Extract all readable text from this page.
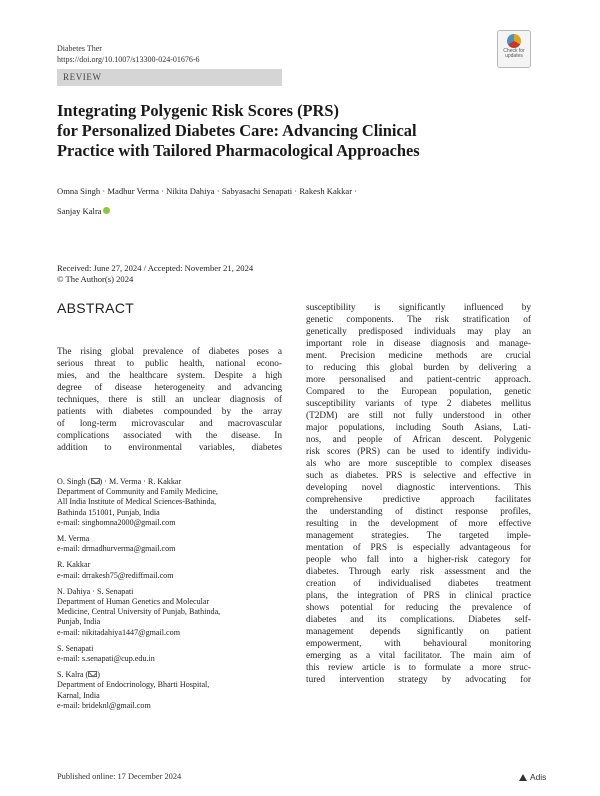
Diabetes Ther
https://doi.org/10.1007/s13300-024-01676-6
Check for
updates
REVIEW
Integrating Polygenic Risk Scores (PRS)
for Personalized Diabetes Care: Advancing Clinical
Practice with Tailored Pharmacological Approaches
Omna Singh · Madhur Verma · Nikita Dahiya · Sabyasachi Senapati · Rakesh Kakkar ·
Sanjay Kalra
Received: June 27, 2024 / Accepted: November 21, 2024
© The Author(s) 2024
ABSTRACT
The rising global prevalence of diabetes poses a
serious threat to public health, national econo-
mies, and the healthcare system. Despite a high
degree of disease heterogeneity and advancing
techniques, there is still an unclear diagnosis of
patients with diabetes compounded by the array
of long-term microvascular and macrovascular
complications associated with the disease. In
addition to environmental variables, diabetes
O. Singh ( ) · M. Verma · R. Kakkar
Department of Community and Family Medicine,
All India Institute of Medical Sciences-Bathinda,
Bathinda 151001, Punjab, India
e-mail: singhomna2000@gmail.com
M. Verma
e-mail: drmadhurverma@gmail.com
R. Kakkar
e-mail: drrakesh75@rediffmail.com
N. Dahiya · S. Senapati
Department of Human Genetics and Molecular
Medicine, Central University of Punjab, Bathinda,
Punjab, India
e-mail: nikitadahiya1447@gmail.com
S. Senapati
e-mail: s.senapati@cup.edu.in
S. Kalra ( )
Department of Endocrinology, Bharti Hospital,
Karnal, India
e-mail: brideknl@gmail.com
susceptibility is significantly influenced by
genetic components. The risk stratification of
genetically predisposed individuals may play an
important role in disease diagnosis and manage-
ment. Precision medicine methods are crucial
to reducing this global burden by delivering a
more personalised and patient-centric approach.
Compared to the European population, genetic
susceptibility variants of type 2 diabetes mellitus
(T2DM) are still not fully understood in other
major populations, including South Asians, Lati-
nos, and people of African descent. Polygenic
risk scores (PRS) can be used to identify individu-
als who are more susceptible to complex diseases
such as diabetes. PRS is selective and effective in
developing novel diagnostic interventions. This
comprehensive predictive approach facilitates
the understanding of distinct response profiles,
resulting in the development of more effective
management strategies. The targeted imple-
mentation of PRS is especially advantageous for
people who fall into a higher-risk category for
diabetes. Through early risk assessment and the
creation of individualised diabetes treatment
plans, the integration of PRS in clinical practice
shows potential for reducing the prevalence of
diabetes and its complications. Diabetes self-
management depends significantly on patient
empowerment, with behavioural monitoring
emerging as a vital facilitator. The main aim of
this review article is to formulate a more struc-
tured intervention strategy by advocating for
Published online: 17 December 2024	Adis
